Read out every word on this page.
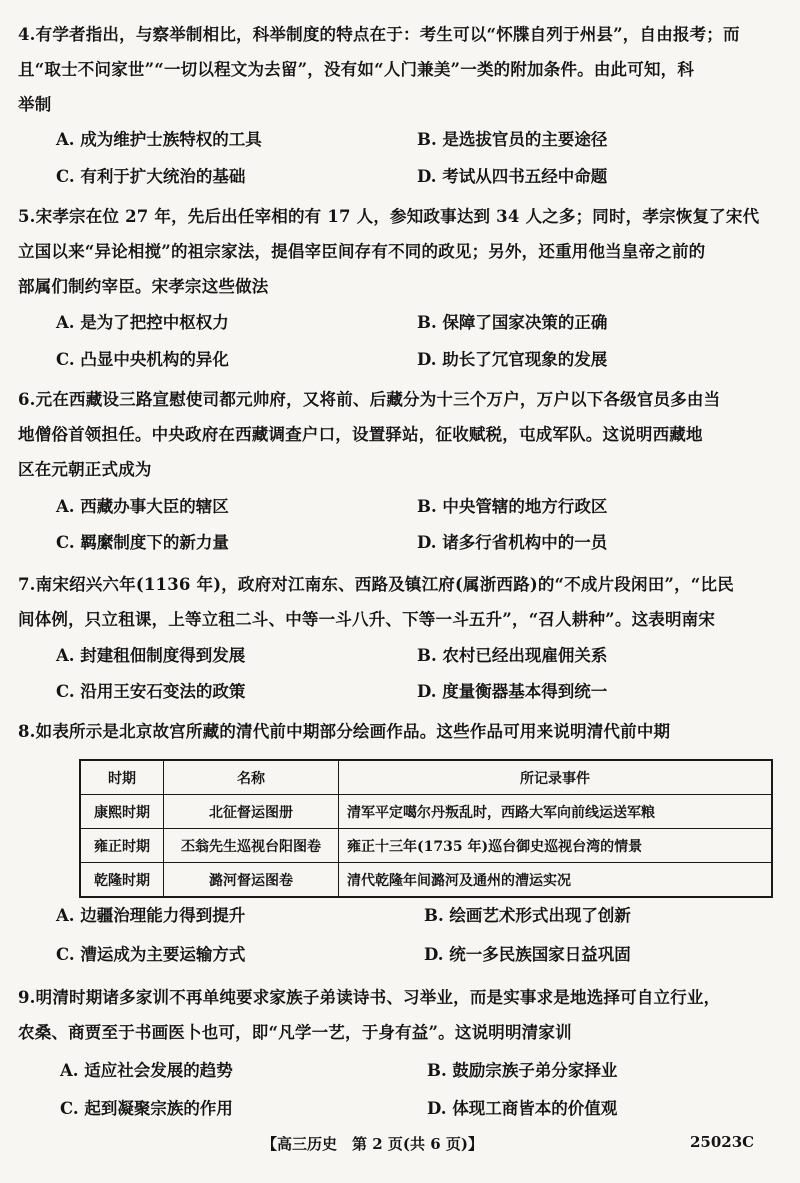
4.有学者指出，与察举制相比，科举制度的特点在于：考生可以“怀牒自列于州县”，自由报考；而
且“取士不问家世”“一切以程文为去留”，没有如“人门兼美”一类的附加条件。由此可知，科
举制
A. 成为维护士族特权的工具	B. 是选拔官员的主要途径
C. 有利于扩大统治的基础	D. 考试从四书五经中命题
5.宋孝宗在位 27 年，先后出任宰相的有 17 人，参知政事达到 34 人之多；同时，孝宗恢复了宋代
立国以来“异论相搅”的祖宗家法，提倡宰臣间存有不同的政见；另外，还重用他当皇帝之前的
部属们制约宰臣。宋孝宗这些做法
A. 是为了把控中枢权力	B. 保障了国家决策的正确
C. 凸显中央机构的异化	D. 助长了冗官现象的发展
6.元在西藏设三路宣慰使司都元帅府，又将前、后藏分为十三个万户，万户以下各级官员多由当
地僧俗首领担任。中央政府在西藏调查户口，设置驿站，征收赋税，屯成军队。这说明西藏地
区在元朝正式成为
A. 西藏办事大臣的辖区	B. 中央管辖的地方行政区
C. 羁縻制度下的新力量	D. 诸多行省机构中的一员
7.南宋绍兴六年(1136 年)，政府对江南东、西路及镇江府(属浙西路)的“不成片段闲田”，“比民
间体例，只立租课，上等立租二斗、中等一斗八升、下等一斗五升”，“召人耕种”。这表明南宋
A. 封建租佃制度得到发展	B. 农村已经出现雇佣关系
C. 沿用王安石变法的政策	D. 度量衡器基本得到统一
8.如表所示是北京故宫所藏的清代前中期部分绘画作品。这些作品可用来说明清代前中期
时期	名称	所记录事件
康熙时期	北征督运图册	清军平定噶尔丹叛乱时，西路大军向前线运送军粮
雍正时期	丕翁先生巡视台阳图卷	雍正十三年(1735 年)巡台御史巡视台湾的情景
乾隆时期	潞河督运图卷	清代乾隆年间潞河及通州的漕运实况
A. 边疆治理能力得到提升	B. 绘画艺术形式出现了创新
C. 漕运成为主要运输方式	D. 统一多民族国家日益巩固
9.明清时期诸多家训不再单纯要求家族子弟读诗书、习举业，而是实事求是地选择可自立行业，
农桑、商贾至于书画医卜也可，即“凡学一艺，于身有益”。这说明明清家训
A. 适应社会发展的趋势	B. 鼓励宗族子弟分家择业
C. 起到凝聚宗族的作用	D. 体现工商皆本的价值观
【高三历史　第 2 页(共 6 页)】	25023C
